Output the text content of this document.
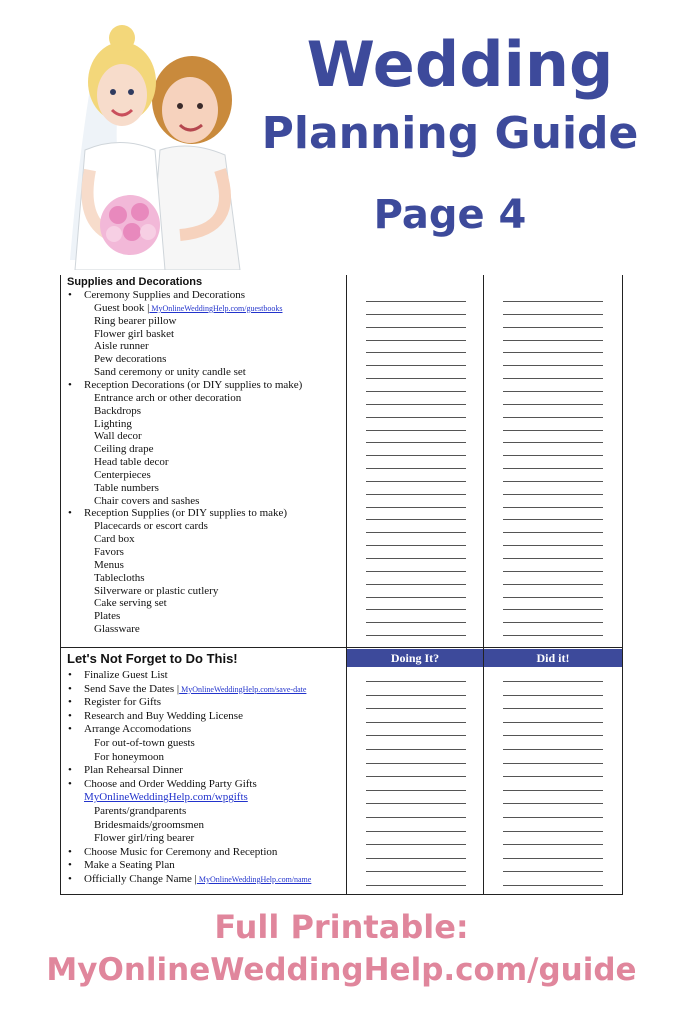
Wedding
Planning Guide
Page 4
Supplies and Decorations
Let's Not Forget to Do This!	Doing It?	Did it!
• Ceremony Supplies and Decorations
Guest book | MyOnlineWeddingHelp.com/guestbooks
Ring bearer pillow
Flower girl basket
Aisle runner
Pew decorations
Sand ceremony or unity candle set
• Reception Decorations (or DIY supplies to make)
Entrance arch or other decoration
Backdrops
Lighting
Wall decor
Ceiling drape
Head table decor
Centerpieces
Table numbers
Chair covers and sashes
• Reception Supplies (or DIY supplies to make)
Placecards or escort cards
Card box
Favors
Menus
Tablecloths
Silverware or plastic cutlery
Cake serving set
Plates
Glassware
• Finalize Guest List
• Send Save the Dates | MyOnlineWeddingHelp.com/save-date
• Register for Gifts
• Research and Buy Wedding License
• Arrange Accomodations
For out-of-town guests
For honeymoon
• Plan Rehearsal Dinner
• Choose and Order Wedding Party Gifts
MyOnlineWeddingHelp.com/wpgifts
Parents/grandparents
Bridesmaids/groomsmen
Flower girl/ring bearer
• Choose Music for Ceremony and Reception
• Make a Seating Plan
• Officially Change Name | MyOnlineWeddingHelp.com/name
Full Printable:
MyOnlineWeddingHelp.com/guide
